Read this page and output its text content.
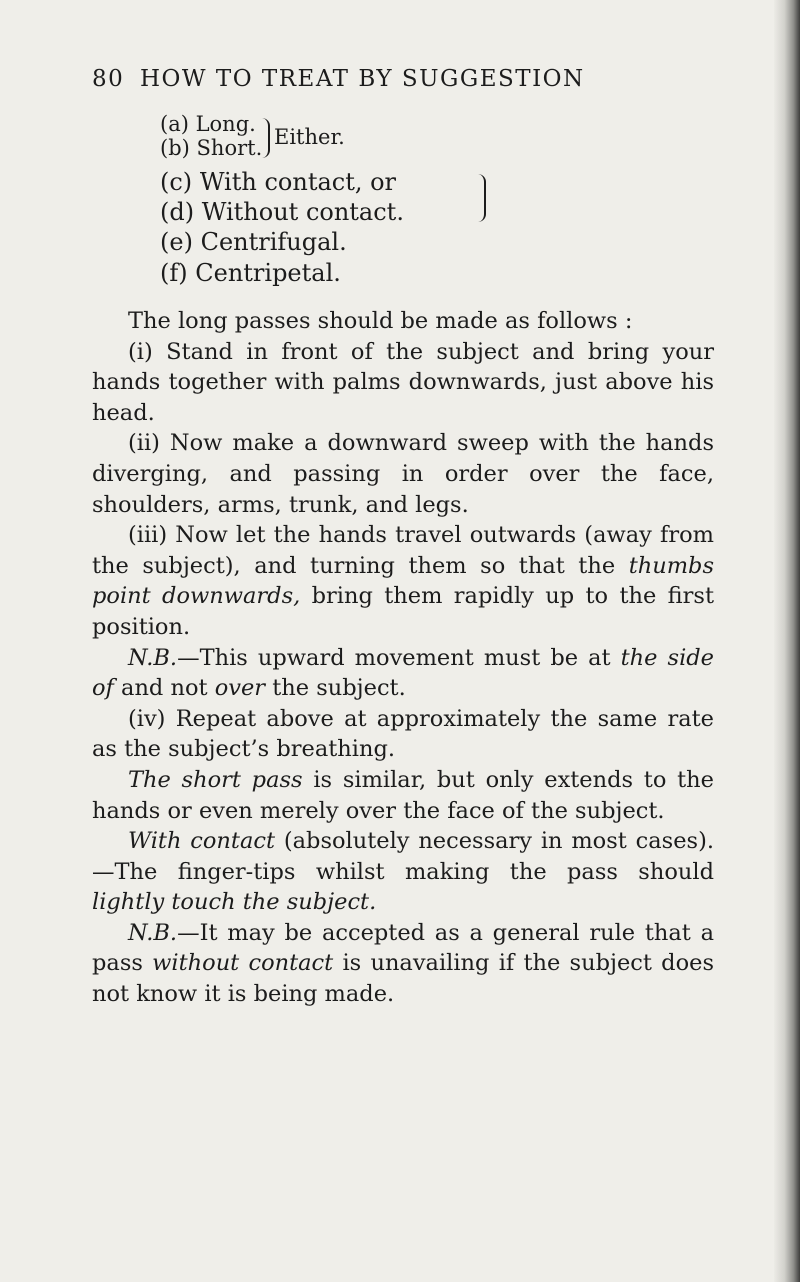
80 HOW TO TREAT BY SUGGESTION
(a) Long.
(b) Short. Either.
(c) With contact, or
(d) Without contact.
(e) Centrifugal.
(f) Centripetal.

The long passes should be made as follows :

(i) Stand in front of the subject and bring your hands together with palms downwards, just above his head.

(ii) Now make a downward sweep with the hands diverging, and passing in order over the face, shoulders, arms, trunk, and legs.

(iii) Now let the hands travel outwards (away from the subject), and turning them so that the thumbs point downwards, bring them rapidly up to the first position.

N.B.—This upward movement must be at the side of and not over the subject.

(iv) Repeat above at approximately the same rate as the subject’s breathing.

The short pass is similar, but only extends to the hands or even merely over the face of the subject.

With contact (absolutely necessary in most cases).—The finger-tips whilst making the pass should lightly touch the subject.

N.B.—It may be accepted as a general rule that a pass without contact is unavailing if the subject does not know it is being made.
